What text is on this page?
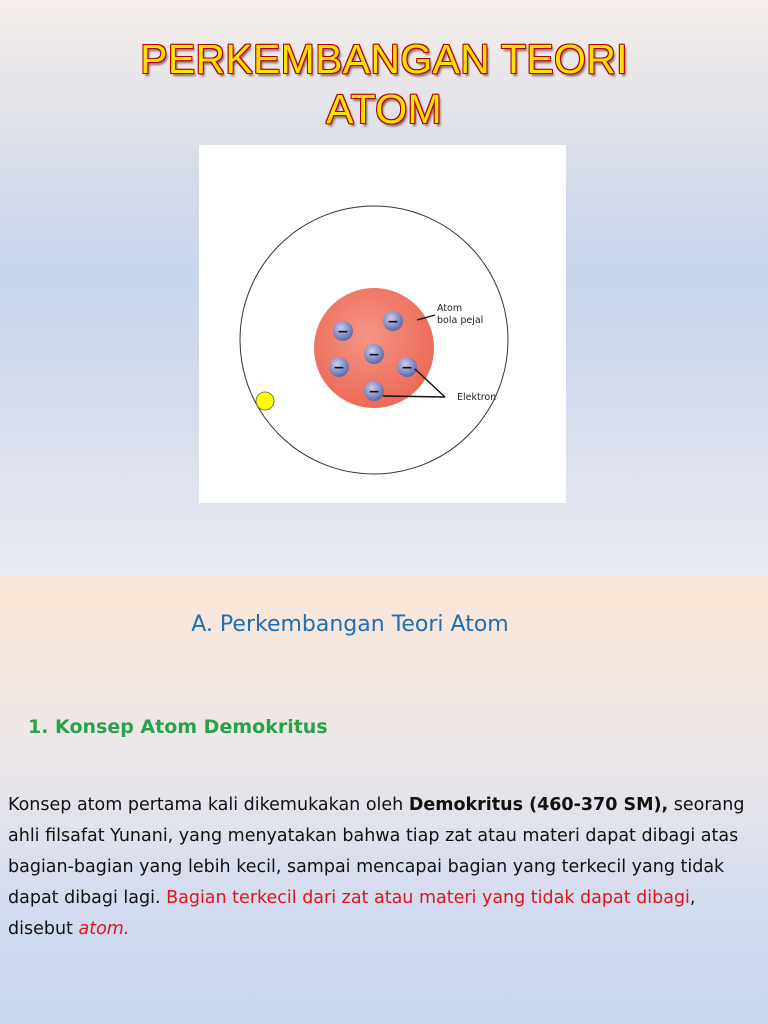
PERKEMBANGAN TEORI
ATOM
−
−
−
−	−
−
Atom
bola pejal
Elektron
A. Perkembangan Teori Atom
1. Konsep Atom Demokritus

Konsep atom pertama kali dikemukakan oleh Demokritus (460-370 SM), seorang ahli filsafat Yunani, yang menyatakan bahwa tiap zat atau materi dapat dibagi atas bagian-bagian yang lebih kecil, sampai mencapai bagian yang terkecil yang tidak dapat dibagi lagi. Bagian terkecil dari zat atau materi yang tidak dapat dibagi, disebut atom.
